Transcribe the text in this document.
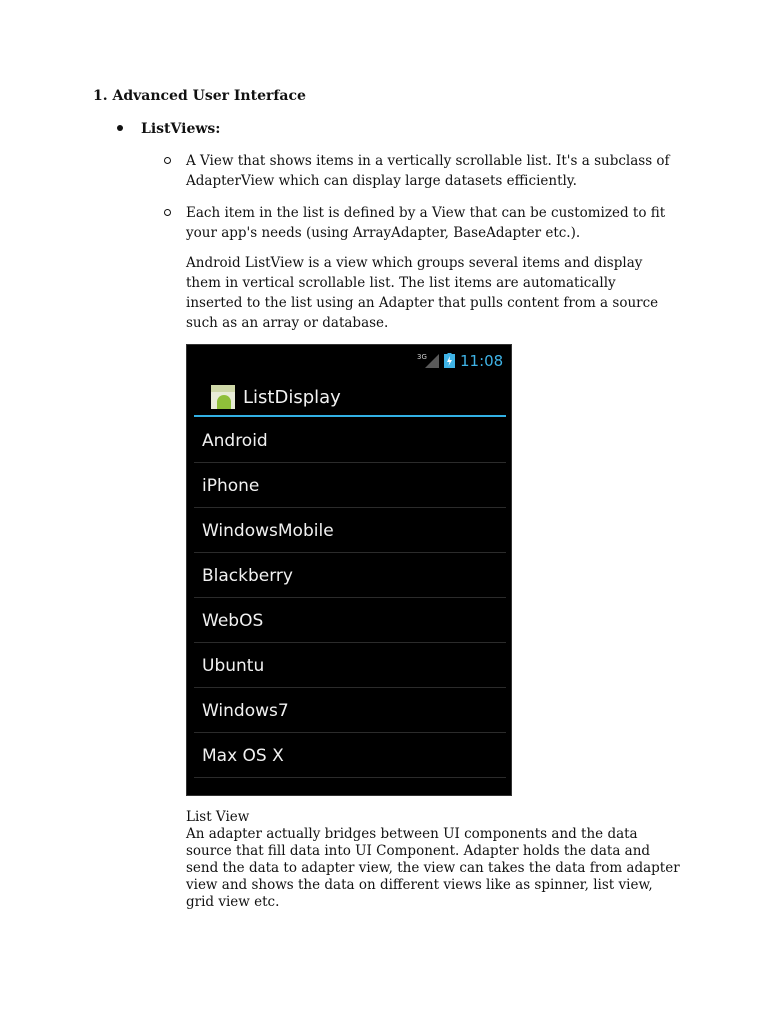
1. Advanced User Interface
ListViews:
A View that shows items in a vertically scrollable list. It's a subclass of AdapterView which can display large datasets efficiently.
Each item in the list is defined by a View that can be customized to fit your app's needs (using ArrayAdapter, BaseAdapter etc.).
Android ListView is a view which groups several items and display them in vertical scrollable list. The list items are automatically inserted to the list using an Adapter that pulls content from a source such as an array or database.
3G 11:08
ListDisplay
Android
iPhone
WindowsMobile
Blackberry
WebOS
Ubuntu
Windows7
Max OS X
List View
An adapter actually bridges between UI components and the data source that fill data into UI Component. Adapter holds the data and send the data to adapter view, the view can takes the data from adapter view and shows the data on different views like as spinner, list view, grid view etc.
